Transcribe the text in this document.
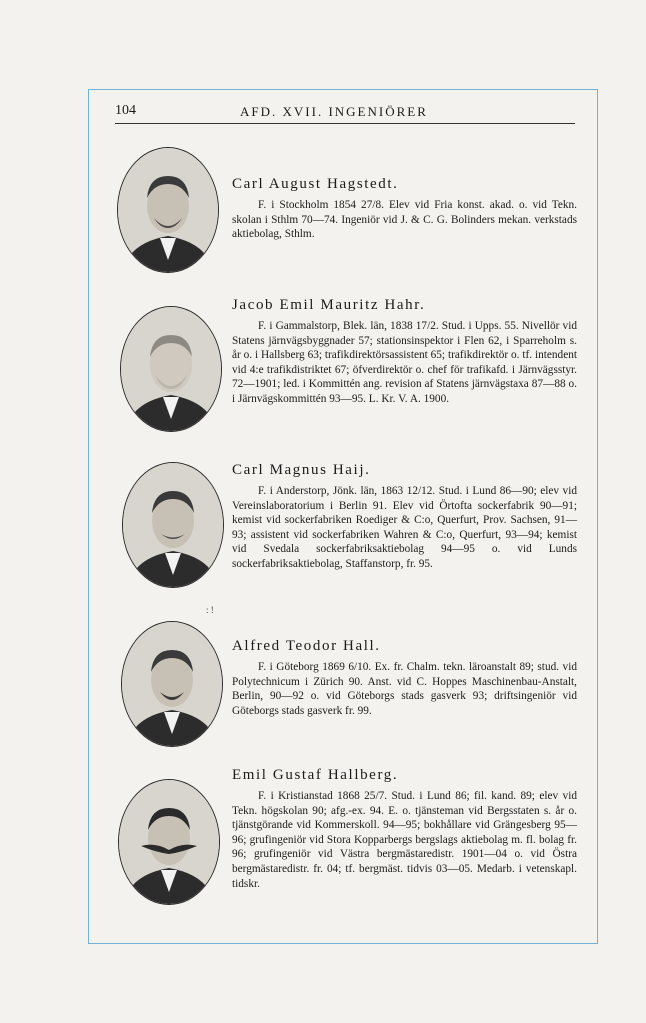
104	AFD. XVII. INGENIÖRER
: !

Carl August Hagstedt.

F. i Stockholm 1854 27/8. Elev vid Fria konst. akad. o. vid Tekn. skolan i Sthlm 70—74. Ingeniör vid J. & C. G. Bolinders mekan. verkstads aktiebolag, Sthlm.

Jacob Emil Mauritz Hahr.

F. i Gammalstorp, Blek. län, 1838 17/2. Stud. i Upps. 55. Nivellör vid Statens järnvägsbyggnader 57; stationsinspektor i Flen 62, i Sparreholm s. år o. i Hallsberg 63; trafikdirektörsassistent 65; trafikdirektör o. tf. intendent vid 4:e trafikdistriktet 67; öfverdirektör o. chef för trafikafd. i Järnvägsstyr. 72—1901; led. i Kommittén ang. revision af Statens järnvägstaxa 87—88 o. i Järnvägskommittén 93—95. L. Kr. V. A. 1900.

Carl Magnus Haij.

F. i Anderstorp, Jönk. län, 1863 12/12. Stud. i Lund 86—90; elev vid Vereinslaboratorium i Berlin 91. Elev vid Örtofta sockerfabrik 90—91; kemist vid sockerfabriken Roediger & C:o, Querfurt, Prov. Sachsen, 91—93; assistent vid sockerfabriken Wahren & C:o, Querfurt, 93—94; kemist vid Svedala sockerfabriksaktiebolag 94—95 o. vid Lunds sockerfabriksaktiebolag, Staffanstorp, fr. 95.

Alfred Teodor Hall.

F. i Göteborg 1869 6/10. Ex. fr. Chalm. tekn. läroanstalt 89; stud. vid Polytechnicum i Zürich 90. Anst. vid C. Hoppes Maschinenbau-Anstalt, Berlin, 90—92 o. vid Göteborgs stads gasverk 93; driftsingeniör vid Göteborgs stads gasverk fr. 99.

Emil Gustaf Hallberg.

F. i Kristianstad 1868 25/7. Stud. i Lund 86; fil. kand. 89; elev vid Tekn. högskolan 90; afg.-ex. 94. E. o. tjänsteman vid Bergsstaten s. år o. tjänstgörande vid Kommerskoll. 94—95; bokhållare vid Grängesberg 95—96; grufingeniör vid Stora Kopparbergs bergslags aktiebolag m. fl. bolag fr. 96; grufingeniör vid Västra bergmästaredistr. 1901—04 o. vid Östra bergmästaredistr. fr. 04; tf. bergmäst. tidvis 03—05. Medarb. i vetenskapl. tidskr.
